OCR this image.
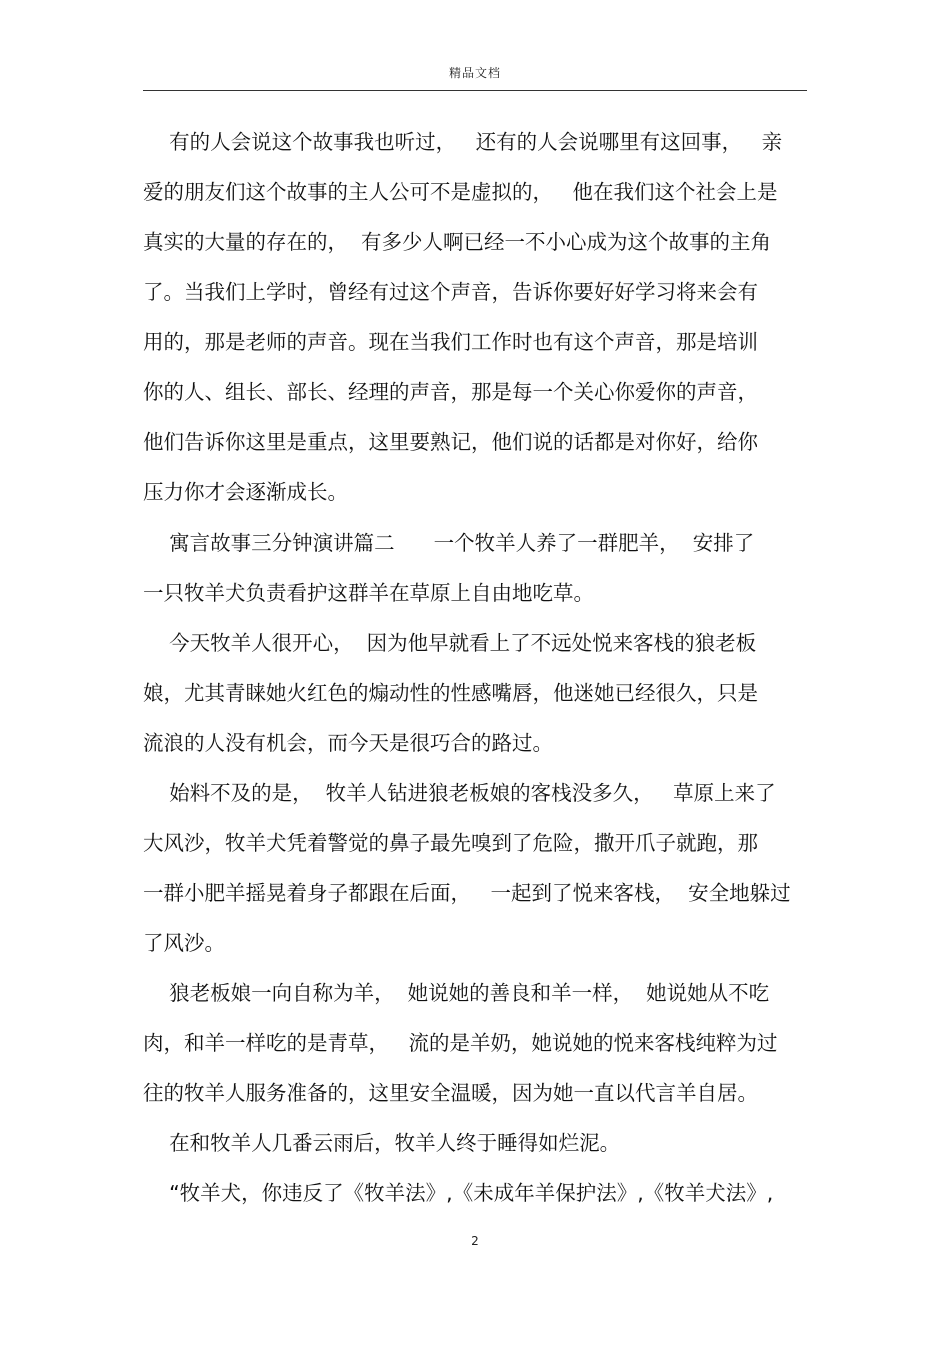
精品文档
有的人会说这个故事我也听过，   还有的人会说哪里有这回事，   亲
爱的朋友们这个故事的主人公可不是虚拟的，   他在我们这个社会上是
真实的大量的存在的，  有多少人啊已经一不小心成为这个故事的主角
了。当我们上学时，曾经有过这个声音，告诉你要好好学习将来会有
用的，那是老师的声音。现在当我们工作时也有这个声音，那是培训
你的人、组长、部长、经理的声音，那是每一个关心你爱你的声音，
他们告诉你这里是重点，这里要熟记，他们说的话都是对你好，给你
压力你才会逐渐成长。
寓言故事三分钟演讲篇二      一个牧羊人养了一群肥羊，  安排了
一只牧羊犬负责看护这群羊在草原上自由地吃草。
今天牧羊人很开心，  因为他早就看上了不远处悦来客栈的狼老板
娘，尤其青睐她火红色的煽动性的性感嘴唇，他迷她已经很久，只是
流浪的人没有机会，而今天是很巧合的路过。
始料不及的是，  牧羊人钻进狼老板娘的客栈没多久，   草原上来了
大风沙，牧羊犬凭着警觉的鼻子最先嗅到了危险，撒开爪子就跑，那
一群小肥羊摇晃着身子都跟在后面，   一起到了悦来客栈，  安全地躲过
了风沙。
狼老板娘一向自称为羊，  她说她的善良和羊一样，  她说她从不吃
肉，和羊一样吃的是青草，   流的是羊奶，她说她的悦来客栈纯粹为过
往的牧羊人服务准备的，这里安全温暖，因为她一直以代言羊自居。
在和牧羊人几番云雨后，牧羊人终于睡得如烂泥。
“牧羊犬，你违反了《牧羊法》,《未成年羊保护法》,《牧羊犬法》,
2
